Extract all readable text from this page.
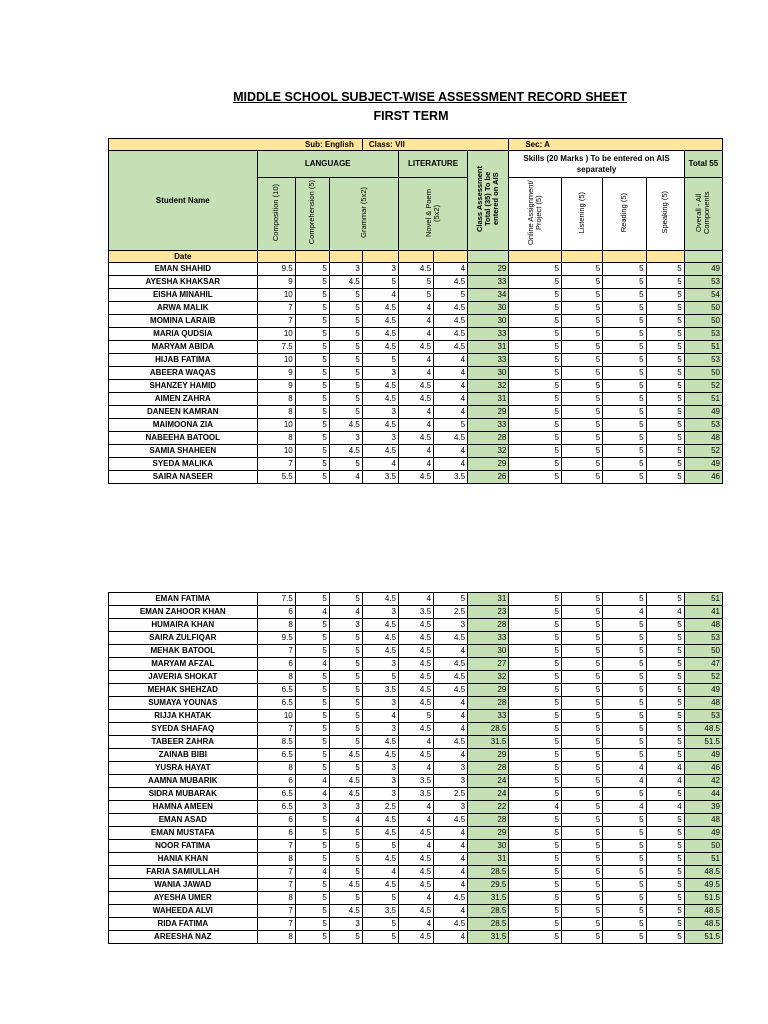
MIDDLE SCHOOL SUBJECT-WISE ASSESSMENT RECORD SHEET
FIRST TERM
Sub: English				Class: VII				Sec: A				
Student Name	LANGUAGE				LITERATURE		Class Assessment Total (35) To be entered on AIS	Skills (20 Marks ) To be entered on AIS separately				Total 55
	Composition (10)	Comprehension (5)	Grammar (5x2)		Novel & Poem (5x2)			Online Assignment/ Project (5)	Listening (5)	Reading (5)	Speaking (5)	Overall - All Components
Date												
EMAN SHAHID	9.5	5	3	3	4.5	4	29	5	5	5	5	49
AYESHA KHAKSAR	9	5	4.5	5	5	4.5	33	5	5	5	5	53
EISHA MINAHIL	10	5	5	4	5	5	34	5	5	5	5	54
ARWA MALIK	7	5	5	4.5	4	4.5	30	5	5	5	5	50
MOMINA LARAIB	7	5	5	4.5	4	4.5	30	5	5	5	5	50
MARIA QUDSIA	10	5	5	4.5	4	4.5	33	5	5	5	5	53
MARYAM ABIDA	7.5	5	5	4.5	4.5	4.5	31	5	5	5	5	51
HIJAB FATIMA	10	5	5	5	4	4	33	5	5	5	5	53
ABEERA WAQAS	9	5	5	3	4	4	30	5	5	5	5	50
SHANZEY HAMID	9	5	5	4.5	4.5	4	32	5	5	5	5	52
AIMEN ZAHRA	8	5	5	4.5	4.5	4	31	5	5	5	5	51
DANEEN KAMRAN	8	5	5	3	4	4	29	5	5	5	5	49
MAIMOONA ZIA	10	5	4.5	4.5	4	5	33	5	5	5	5	53
NABEEHA BATOOL	8	5	3	3	4.5	4.5	28	5	5	5	5	48
SAMIA SHAHEEN	10	5	4.5	4.5	4	4	32	5	5	5	5	52
SYEDA MALIKA	7	5	5	4	4	4	29	5	5	5	5	49
SAIRA NASEER	5.5	5	4	3.5	4.5	3.5	26	5	5	5	5	46
EMAN FATIMA	7.5	5	5	4.5	4	5	31	5	5	5	5	51
EMAN ZAHOOR KHAN	6	4	4	3	3.5	2.5	23	5	5	4	4	41
HUMAIRA KHAN	8	5	3	4.5	4.5	3	28	5	5	5	5	48
SAIRA ZULFIQAR	9.5	5	5	4.5	4.5	4.5	33	5	5	5	5	53
MEHAK BATOOL	7	5	5	4.5	4.5	4	30	5	5	5	5	50
MARYAM AFZAL	6	4	5	3	4.5	4.5	27	5	5	5	5	47
JAVERIA SHOKAT	8	5	5	5	4.5	4.5	32	5	5	5	5	52
MEHAK SHEHZAD	6.5	5	5	3.5	4.5	4.5	29	5	5	5	5	49
SUMAYA YOUNAS	6.5	5	5	3	4.5	4	28	5	5	5	5	48
RIJJA KHATAK	10	5	5	4	5	4	33	5	5	5	5	53
SYEDA SHAFAQ	7	5	5	3	4.5	4	28.5	5	5	5	5	48.5
TABEER ZAHRA	8.5	5	5	4.5	4	4.5	31.5	5	5	5	5	51.5
ZAINAB BIBI	6.5	5	4.5	4.5	4.5	4	29	5	5	5	5	49
YUSRA HAYAT	8	5	5	3	4	3	28	5	5	4	4	46
AAMNA MUBARIK	6	4	4.5	3	3.5	3	24	5	5	4	4	42
SIDRA MUBARAK	6.5	4	4.5	3	3.5	2.5	24	5	5	5	5	44
HAMNA AMEEN	6.5	3	3	2.5	4	3	22	4	5	4	4	39
EMAN ASAD	6	5	4	4.5	4	4.5	28	5	5	5	5	48
EMAN MUSTAFA	6	5	5	4.5	4.5	4	29	5	5	5	5	49
NOOR FATIMA	7	5	5	5	4	4	30	5	5	5	5	50
HANIA KHAN	8	5	5	4.5	4.5	4	31	5	5	5	5	51
FARIA SAMIULLAH	7	4	5	4	4.5	4	28.5	5	5	5	5	48.5
WANIA JAWAD	7	5	4.5	4.5	4.5	4	29.5	5	5	5	5	49.5
AYESHA UMER	8	5	5	5	4	4.5	31.5	5	5	5	5	51.5
WAHEEDA ALVI	7	5	4.5	3.5	4.5	4	28.5	5	5	5	5	48.5
RIDA FATIMA	7	5	3	5	4	4.5	28.5	5	5	5	5	48.5
AREESHA NAZ	8	5	5	5	4.5	4	31.5	5	5	5	5	51.5
